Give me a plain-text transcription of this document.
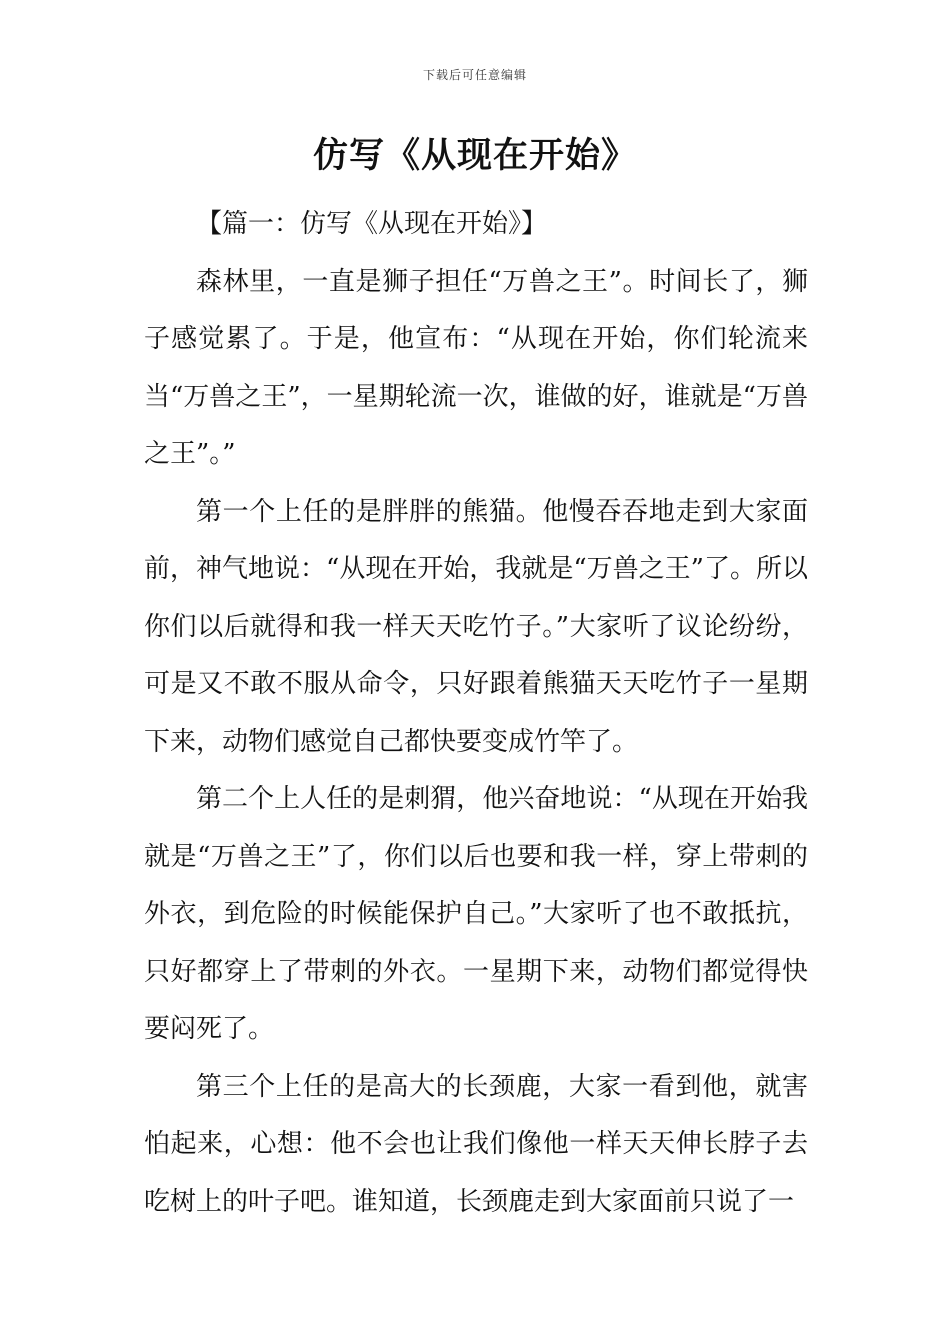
下载后可任意编辑
仿写《从现在开始》

【篇一：仿写《从现在开始》】

森林里，一直是狮子担任“万兽之王”。时间长了，狮子感觉累了。于是，他宣布：“从现在开始，你们轮流来当“万兽之王”，一星期轮流一次，谁做的好，谁就是“万兽之王”。”

第一个上任的是胖胖的熊猫。他慢吞吞地走到大家面前，神气地说：“从现在开始，我就是“万兽之王”了。所以你们以后就得和我一样天天吃竹子。”大家听了议论纷纷，可是又不敢不服从命令，只好跟着熊猫天天吃竹子一星期下来，动物们感觉自己都快要变成竹竿了。

第二个上人任的是刺猬，他兴奋地说：“从现在开始我就是“万兽之王”了，你们以后也要和我一样，穿上带刺的外衣，到危险的时候能保护自己。”大家听了也不敢抵抗，只好都穿上了带刺的外衣。一星期下来，动物们都觉得快要闷死了。

第三个上任的是高大的长颈鹿，大家一看到他，就害怕起来，心想：他不会也让我们像他一样天天伸长脖子去吃树上的叶子吧。谁知道，长颈鹿走到大家面前只说了一
